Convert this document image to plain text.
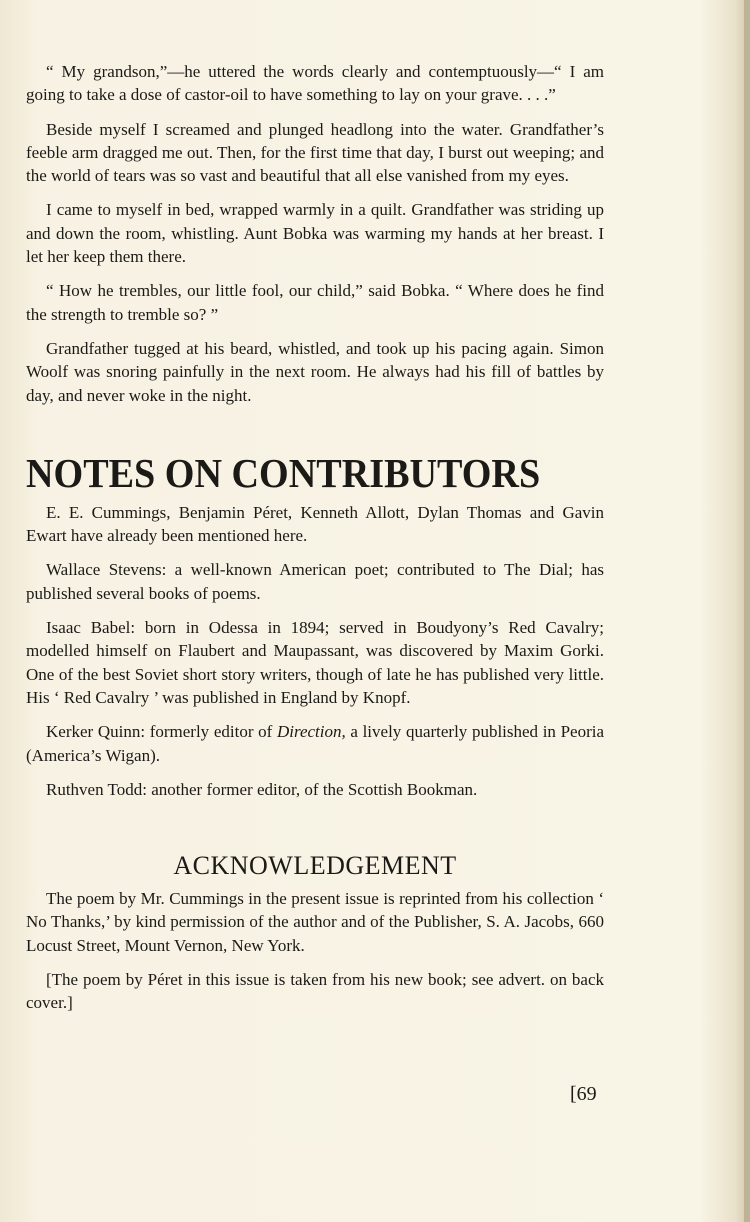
“ My grandson,”—he uttered the words clearly and contemptuously—“ I am going to take a dose of castor-oil to have something to lay on your grave. . . .”

Beside myself I screamed and plunged headlong into the water. Grandfather’s feeble arm dragged me out. Then, for the first time that day, I burst out weeping; and the world of tears was so vast and beautiful that all else vanished from my eyes.

I came to myself in bed, wrapped warmly in a quilt. Grandfather was striding up and down the room, whistling. Aunt Bobka was warming my hands at her breast. I let her keep them there.

“ How he trembles, our little fool, our child,” said Bobka. “ Where does he find the strength to tremble so? ”

Grandfather tugged at his beard, whistled, and took up his pacing again. Simon Woolf was snoring painfully in the next room. He always had his fill of battles by day, and never woke in the night.

NOTES ON CONTRIBUTORS

E. E. Cummings, Benjamin Péret, Kenneth Allott, Dylan Thomas and Gavin Ewart have already been mentioned here.

Wallace Stevens: a well-known American poet; contributed to The Dial; has published several books of poems.

Isaac Babel: born in Odessa in 1894; served in Boudyony’s Red Cavalry; modelled himself on Flaubert and Maupassant, was discovered by Maxim Gorki. One of the best Soviet short story writers, though of late he has published very little. His ‘ Red Cavalry ’ was published in England by Knopf.

Kerker Quinn: formerly editor of Direction, a lively quarterly published in Peoria (America’s Wigan).

Ruthven Todd: another former editor, of the Scottish Bookman.

ACKNOWLEDGEMENT

The poem by Mr. Cummings in the present issue is reprinted from his collection ‘ No Thanks,’ by kind permission of the author and of the Publisher, S. A. Jacobs, 660 Locust Street, Mount Vernon, New York.

[The poem by Péret in this issue is taken from his new book; see advert. on back cover.]

[69
